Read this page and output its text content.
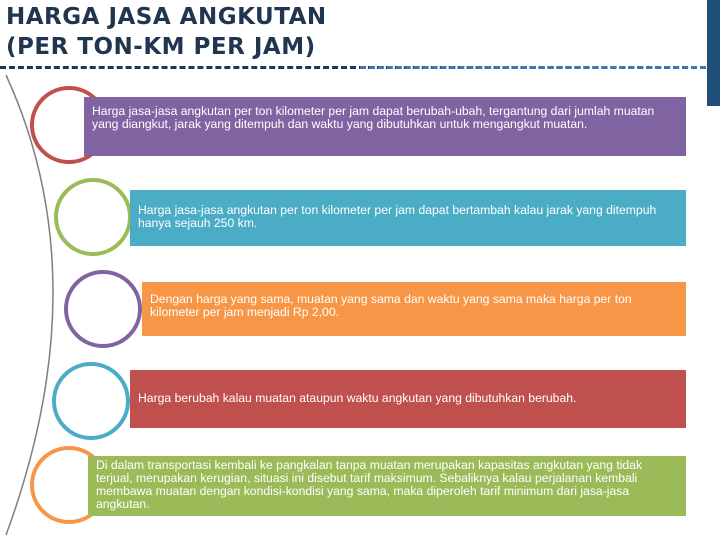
HARGA JASA ANGKUTAN
(PER TON-KM PER JAM)
Harga jasa-jasa angkutan per ton kilometer per jam dapat berubah-ubah, tergantung dari jumlah muatan yang diangkut, jarak yang ditempuh dan waktu yang dibutuhkan untuk mengangkut muatan.
Harga jasa-jasa angkutan per ton kilometer per jam dapat bertambah kalau jarak yang ditempuh hanya sejauh 250 km.
Dengan harga yang sama, muatan yang sama dan waktu yang sama maka harga per ton kilometer per jam menjadi Rp 2,00.
Harga berubah kalau muatan ataupun waktu angkutan yang dibutuhkan berubah.
Di dalam transportasi kembali ke pangkalan tanpa muatan merupakan kapasitas angkutan yang tidak terjual, merupakan kerugian, situasi ini disebut tarif maksimum. Sebaliknya kalau perjalanan kembali membawa muatan dengan kondisi-kondisi yang sama, maka diperoleh tarif minimum dari jasa-jasa angkutan.
